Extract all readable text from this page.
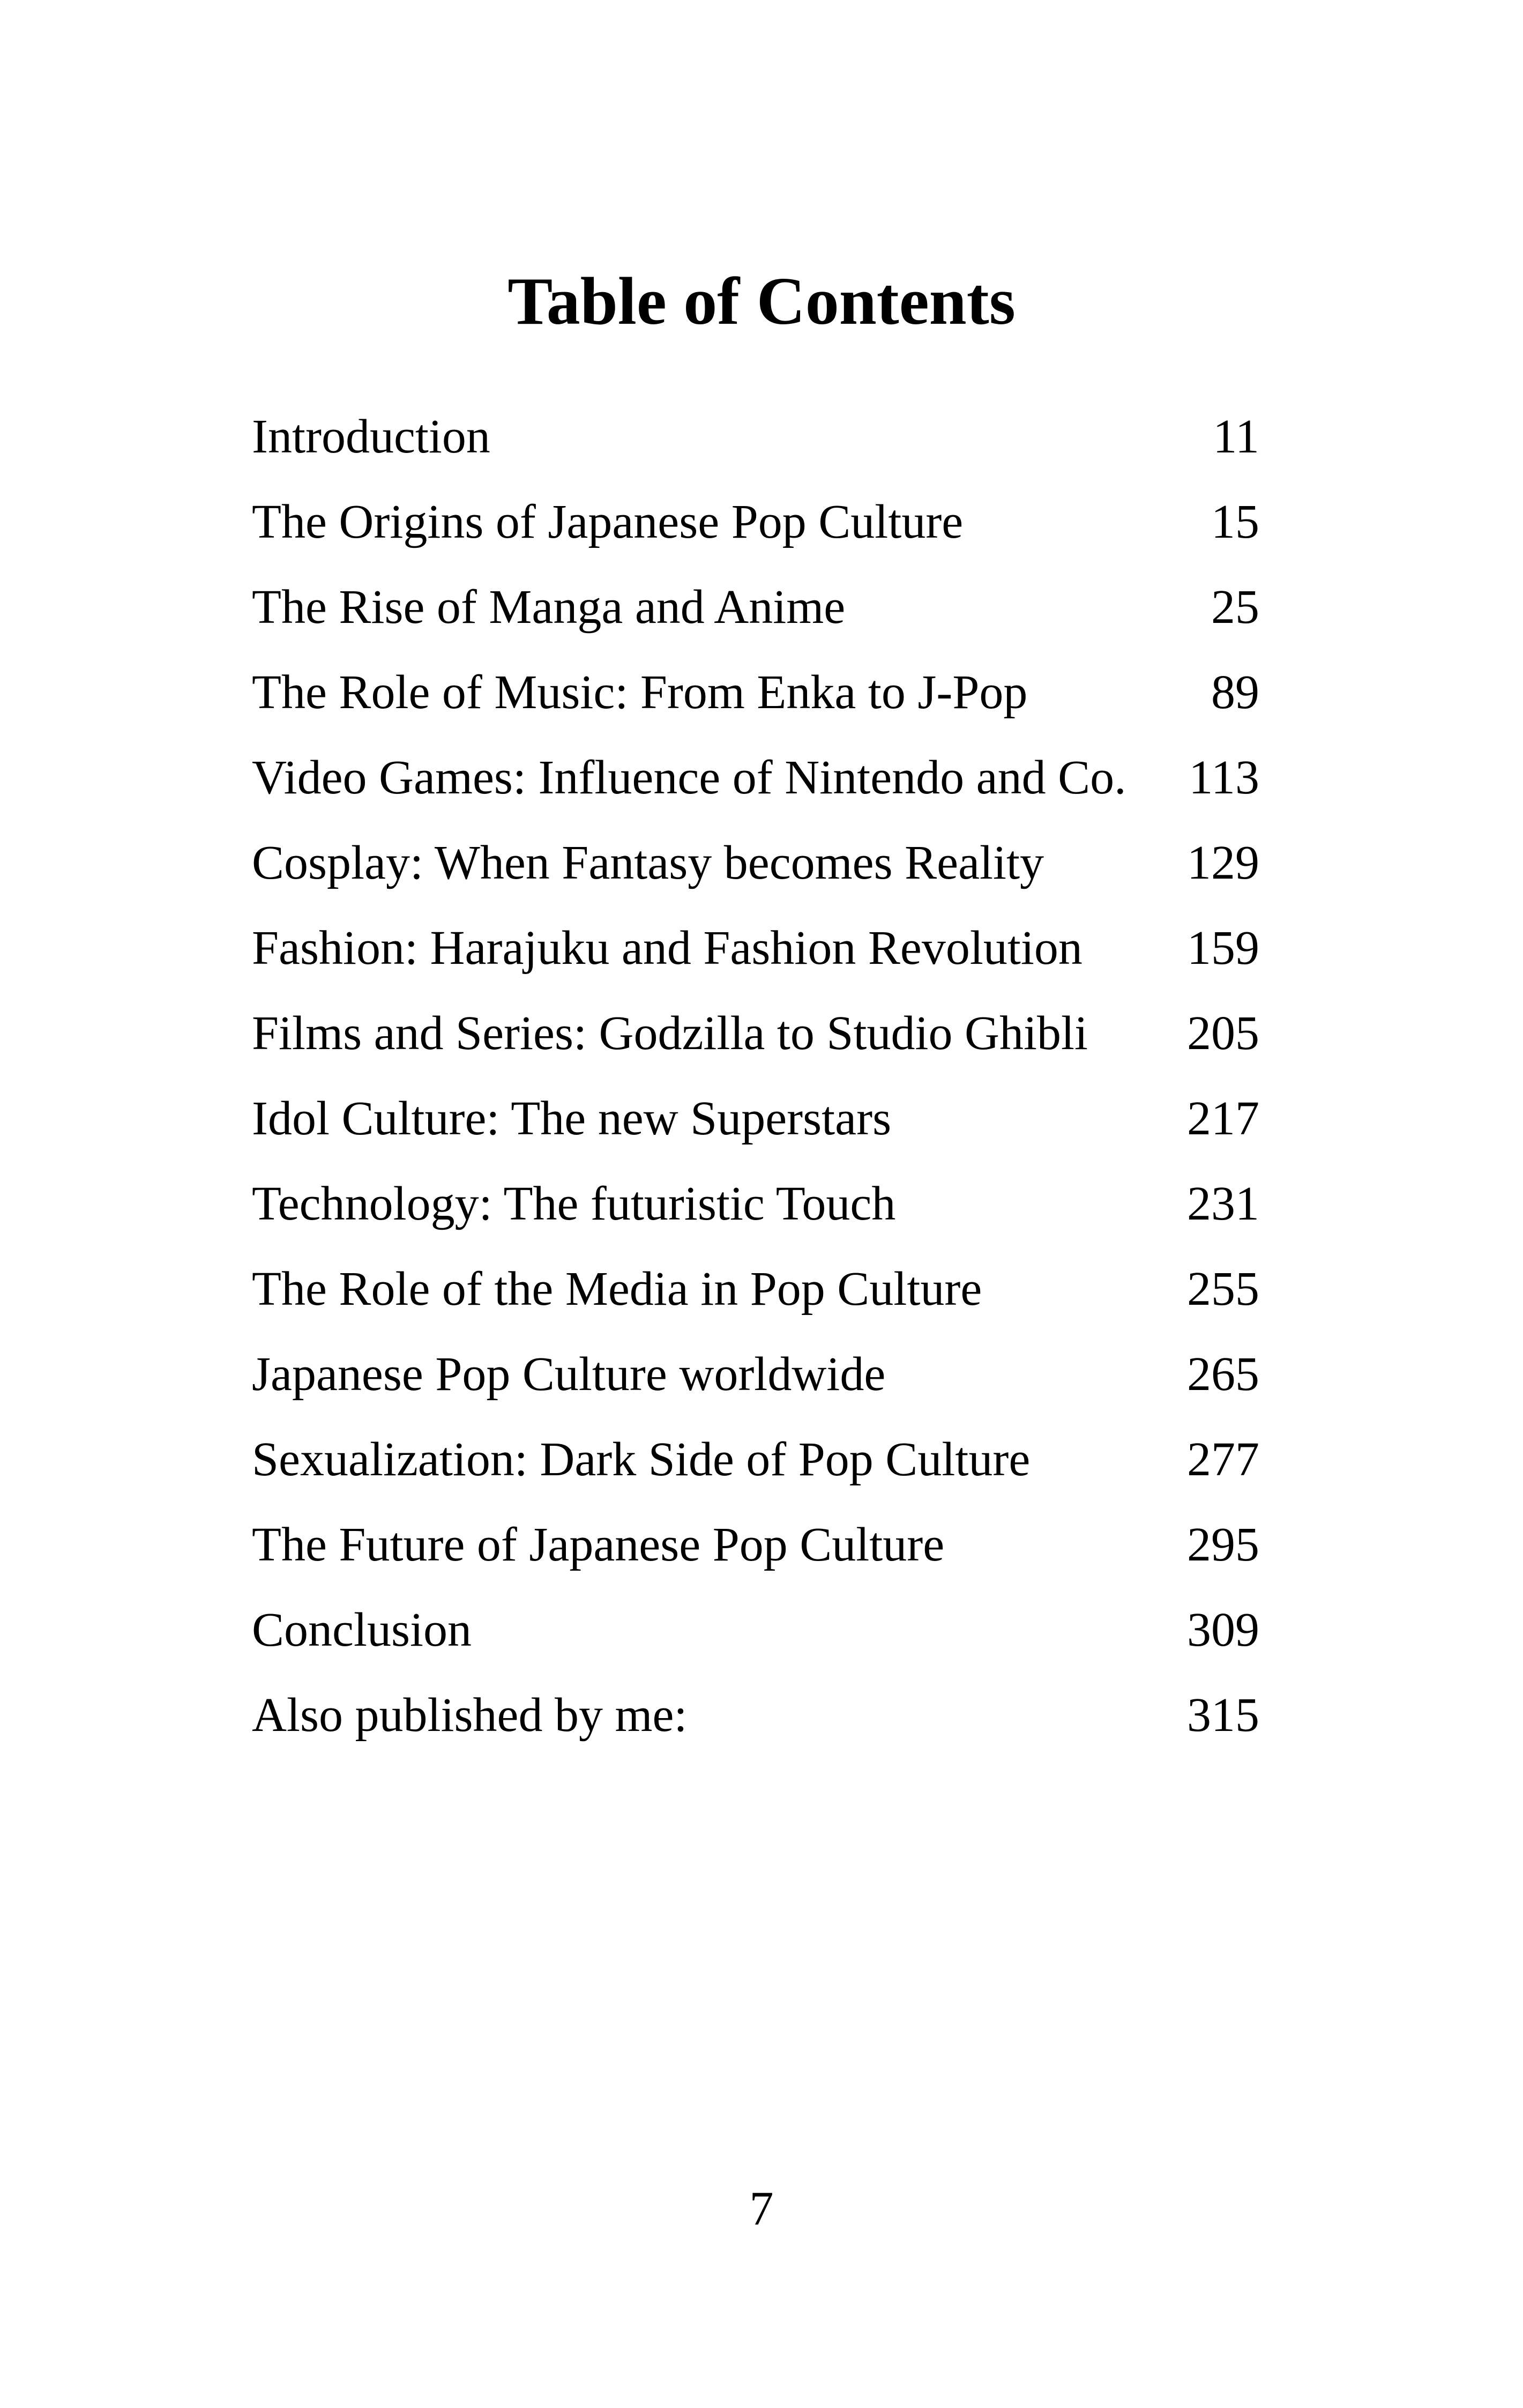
Table of Contents
Introduction	11
The Origins of Japanese Pop Culture	15
The Rise of Manga and Anime	25
The Role of Music: From Enka to J-Pop	89
Video Games: Influence of Nintendo and Co. 113
Cosplay: When Fantasy becomes Reality	129
Fashion: Harajuku and Fashion Revolution 159
Films and Series: Godzilla to Studio Ghibli 205
Idol Culture: The new Superstars	217
Technology: The futuristic Touch	231
The Role of the Media in Pop Culture	255
Japanese Pop Culture worldwide	265
Sexualization: Dark Side of Pop Culture	277
The Future of Japanese Pop Culture	295
Conclusion	309
Also published by me:	315
7
